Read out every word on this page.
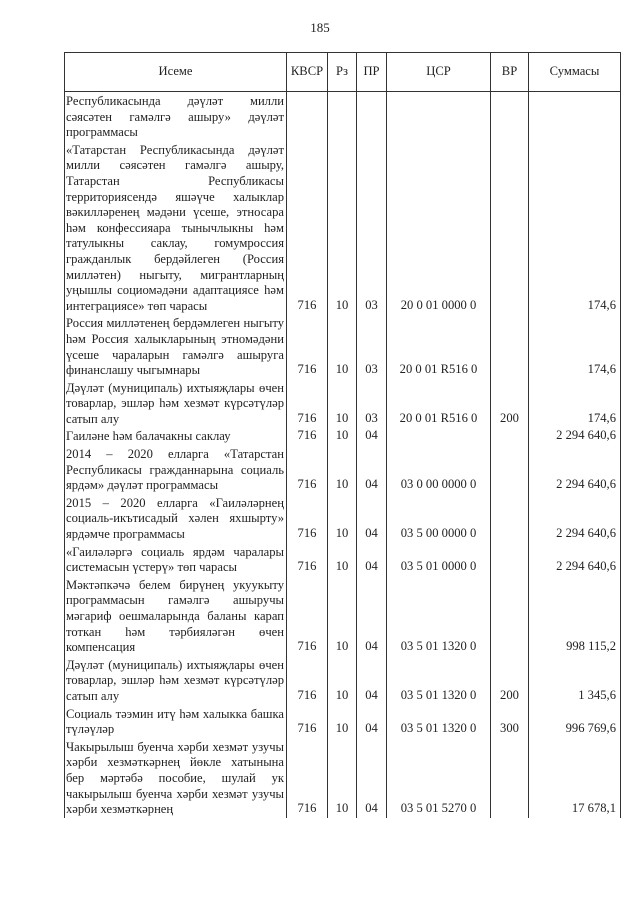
185
Исеме	КВСР	Рз	ПР	ЦСР	ВР	Суммасы
Республикасында дәүләт милли сәясәтен гамәлгә ашыру» дәүләт программасы						
«Татарстан Республикасында дәүләт милли сәясәтен гамәлгә ашыру, Татарстан Республикасы территориясендә яшәүче халыклар вәкилләренең мәдәни үсеше, этносара һәм конфессияара тынычлыкны һәм татулыкны саклау, гомумроссия гражданлык бердәйлеген (Россия милләтен) ныгыту, мигрантларның уңышлы социомәдәни адаптациясе һәм интеграциясе» төп чарасы	716	10	03	20 0 01 0000 0		174,6
Россия милләтенең бердәмлеген ныгыту һәм Россия халыкларының этномәдәни үсеше чараларын гамәлгә ашыруга финанслашу чыгымнары	716	10	03	20 0 01 R516 0		174,6
Дәүләт (муниципаль) ихтыяҗлары өчен товарлар, эшләр һәм хезмәт күрсәтүләр сатып алу	716	10	03	20 0 01 R516 0	200	174,6
Гаиләне һәм балачакны саклау	716	10	04			2 294 640,6
2014 – 2020 елларга «Татарстан Республикасы гражданнарына социаль ярдәм» дәүләт программасы	716	10	04	03 0 00 0000 0		2 294 640,6
2015 – 2020 елларга «Гаиләләрнең социаль-икътисадый хәлен яхшырту» ярдәмче программасы	716	10	04	03 5 00 0000 0		2 294 640,6
«Гаиләләргә социаль ярдәм чаралары системасын үстерү» төп чарасы	716	10	04	03 5 01 0000 0		2 294 640,6
Мәктәпкәчә белем бирүнең укуукыту программасын гамәлгә ашыручы мәгариф оешмаларында баланы карап тоткан һәм тәрбияләгән өчен компенсация	716	10	04	03 5 01 1320 0		998 115,2
Дәүләт (муниципаль) ихтыяҗлары өчен товарлар, эшләр һәм хезмәт күрсәтүләр сатып алу	716	10	04	03 5 01 1320 0	200	1 345,6
Социаль тәэмин итү һәм халыкка башка түләүләр	716	10	04	03 5 01 1320 0	300	996 769,6
Чакырылыш буенча хәрби хезмәт узучы хәрби хезмәткәрнең йөкле хатынына бер мәртәбә пособие, шулай ук чакырылыш буенча хәрби хезмәт узучы хәрби хезмәткәрнең	716	10	04	03 5 01 5270 0		17 678,1
